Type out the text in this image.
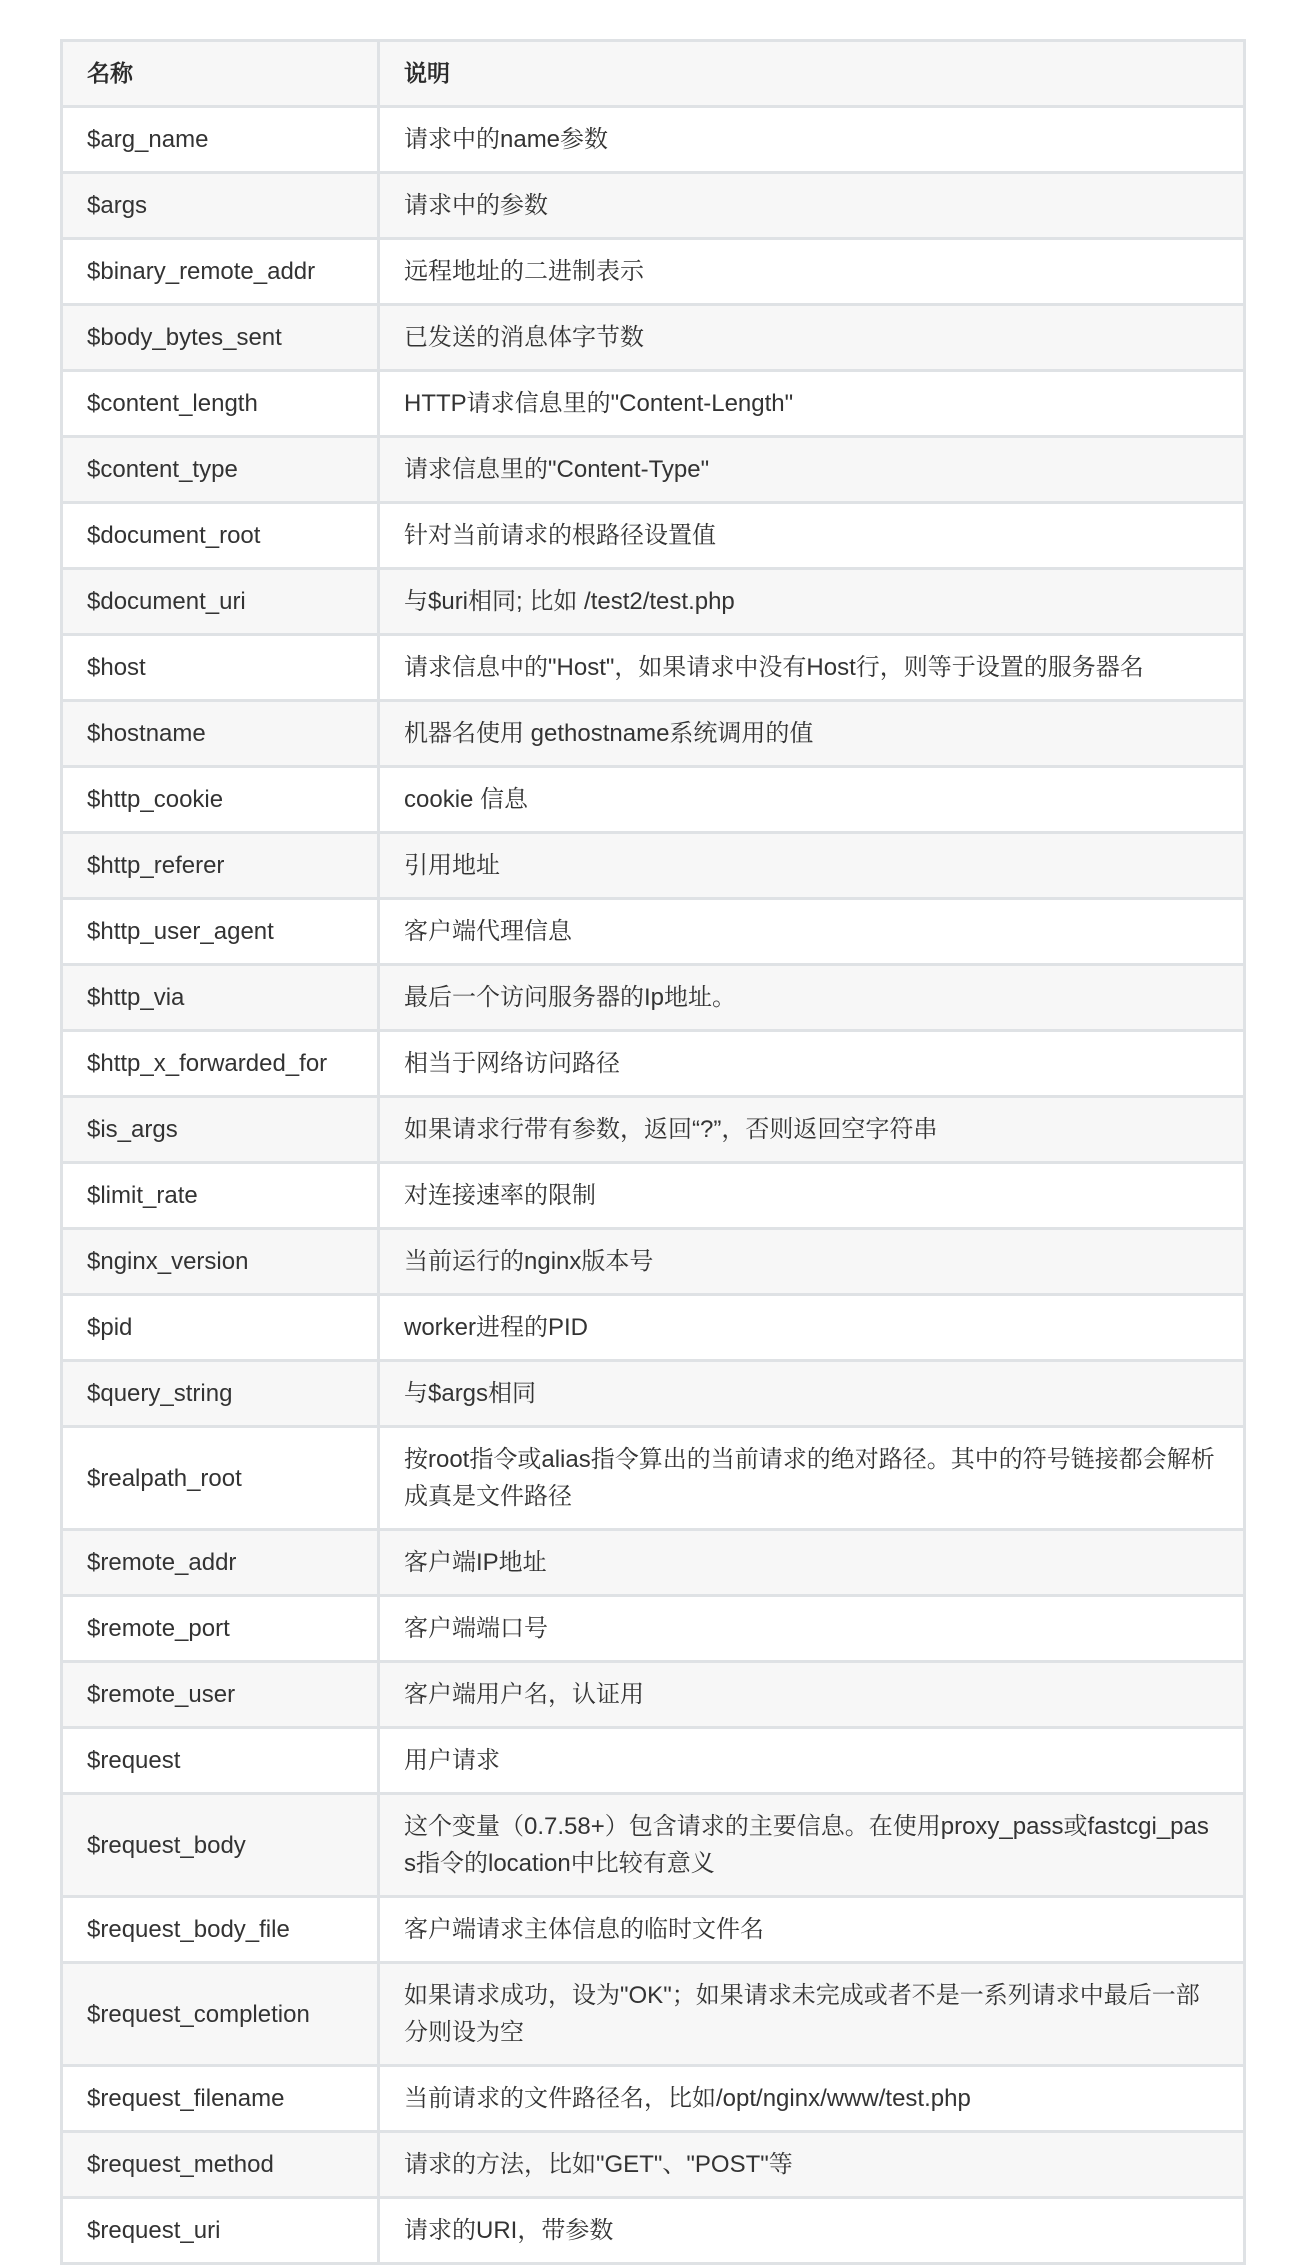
名称	说明
$arg_name	请求中的name参数
$args	请求中的参数
$binary_remote_addr	远程地址的二进制表示
$body_bytes_sent	已发送的消息体字节数
$content_length	HTTP请求信息里的"Content-Length"
$content_type	请求信息里的"Content-Type"
$document_root	针对当前请求的根路径设置值
$document_uri	与$uri相同; 比如 /test2/test.php
$host	请求信息中的"Host"，如果请求中没有Host行，则等于设置的服务器名
$hostname	机器名使用 gethostname系统调用的值
$http_cookie	cookie 信息
$http_referer	引用地址
$http_user_agent	客户端代理信息
$http_via	最后一个访问服务器的Ip地址。
$http_x_forwarded_for	相当于网络访问路径
$is_args	如果请求行带有参数，返回“?”，否则返回空字符串
$limit_rate	对连接速率的限制
$nginx_version	当前运行的nginx版本号
$pid	worker进程的PID
$query_string	与$args相同
$realpath_root	按root指令或alias指令算出的当前请求的绝对路径。其中的符号链接都会解析成真是文件路径
$remote_addr	客户端IP地址
$remote_port	客户端端口号
$remote_user	客户端用户名，认证用
$request	用户请求
$request_body	这个变量（0.7.58+）包含请求的主要信息。在使用proxy_pass或fastcgi_pass指令的location中比较有意义
$request_body_file	客户端请求主体信息的临时文件名
$request_completion	如果请求成功，设为"OK"；如果请求未完成或者不是一系列请求中最后一部分则设为空
$request_filename	当前请求的文件路径名，比如/opt/nginx/www/test.php
$request_method	请求的方法，比如"GET"、"POST"等
$request_uri	请求的URI，带参数
